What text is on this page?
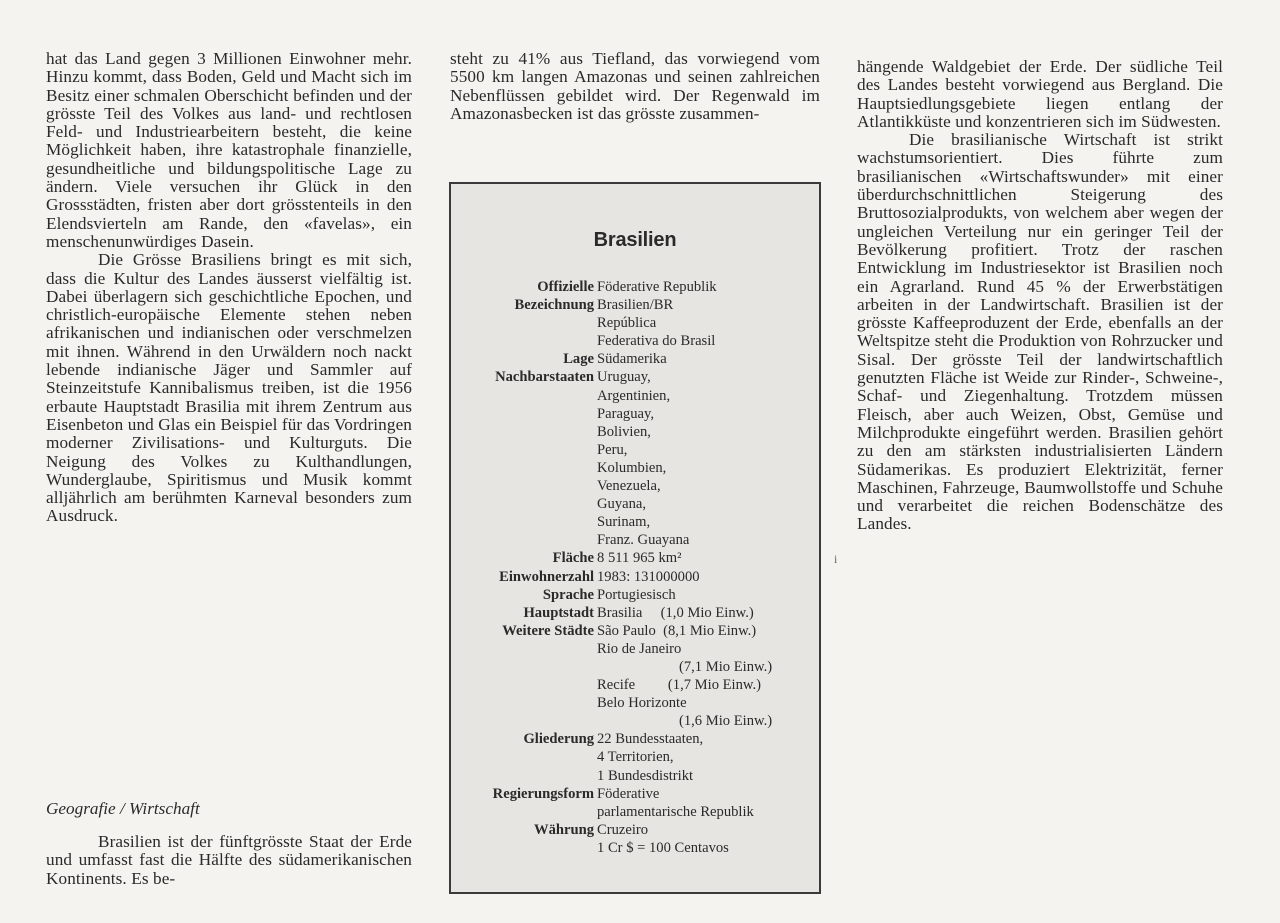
hat das Land gegen 3 Millionen Einwohner mehr. Hinzu kommt, dass Boden, Geld und Macht sich im Besitz einer schmalen Oberschicht befinden und der grösste Teil des Volkes aus land- und rechtlosen Feld- und Industriearbeitern besteht, die keine Möglichkeit haben, ihre katastrophale finanzielle, gesundheitliche und bildungspolitische Lage zu ändern. Viele versuchen ihr Glück in den Grossstädten, fristen aber dort grösstenteils in den Elendsvierteln am Rande, den «favelas», ein menschenunwürdiges Dasein.

Die Grösse Brasiliens bringt es mit sich, dass die Kultur des Landes äusserst vielfältig ist. Dabei überlagern sich geschichtliche Epochen, und christlich-europäische Elemente stehen neben afrikanischen und indianischen oder verschmelzen mit ihnen. Während in den Urwäldern noch nackt lebende indianische Jäger und Sammler auf Steinzeitstufe Kannibalismus treiben, ist die 1956 erbaute Hauptstadt Brasilia mit ihrem Zentrum aus Eisenbeton und Glas ein Beispiel für das Vordringen moderner Zivilisations- und Kulturguts. Die Neigung des Volkes zu Kulthandlungen, Wunderglaube, Spiritismus und Musik kommt alljährlich am berühmten Karneval besonders zum Ausdruck.

Geografie / Wirtschaft

Brasilien ist der fünftgrösste Staat der Erde und umfasst fast die Hälfte des südamerikanischen Kontinents. Es be-

steht zu 41% aus Tiefland, das vorwiegend vom 5500 km langen Amazonas und seinen zahlreichen Nebenflüssen gebildet wird. Der Regenwald im Amazonasbecken ist das grösste zusammen-

Brasilien
Offizielle
Bezeichnung
Föderative Republik
Brasilien/BR
República
Federativa do Brasil
Lage Südamerika
Nachbarstaaten Uruguay,
Argentinien,
Paraguay,
Bolivien,
Peru,
Kolumbien,
Venezuela,
Guyana,
Surinam,
Franz. Guayana
Fläche 8 511 965 km²
Einwohnerzahl 1983: 131000000
Sprache Portugiesisch
Hauptstadt Brasilia     (1,0 Mio Einw.)
Weitere Städte São Paulo  (8,1 Mio Einw.)
Rio de Janeiro
(7,1 Mio Einw.)
Recife         (1,7 Mio Einw.)
Belo Horizonte
(1,6 Mio Einw.)
Gliederung 22 Bundesstaaten,
4 Territorien,
1 Bundesdistrikt
Regierungsform Föderative
parlamentarische Republik
Währung Cruzeiro
1 Cr $ = 100 Centavos
i

hängende Waldgebiet der Erde. Der südliche Teil des Landes besteht vorwiegend aus Bergland. Die Hauptsiedlungsgebiete liegen entlang der Atlantikküste und konzentrieren sich im Südwesten.

Die brasilianische Wirtschaft ist strikt wachstumsorientiert. Dies führte zum brasilianischen «Wirtschaftswunder» mit einer überdurchschnittlichen Steigerung des Bruttosozialprodukts, von welchem aber wegen der ungleichen Verteilung nur ein geringer Teil der Bevölkerung profitiert. Trotz der raschen Entwicklung im Industriesektor ist Brasilien noch ein Agrarland. Rund 45 % der Erwerbstätigen arbeiten in der Landwirtschaft. Brasilien ist der grösste Kaffeeproduzent der Erde, ebenfalls an der Weltspitze steht die Produktion von Rohrzucker und Sisal. Der grösste Teil der landwirtschaftlich genutzten Fläche ist Weide zur Rinder-, Schweine-, Schaf- und Ziegenhaltung. Trotzdem müssen Fleisch, aber auch Weizen, Obst, Gemüse und Milchprodukte eingeführt werden. Brasilien gehört zu den am stärksten industrialisierten Ländern Südamerikas. Es produziert Elektrizität, ferner Maschinen, Fahrzeuge, Baumwollstoffe und Schuhe und verarbeitet die reichen Bodenschätze des Landes.
